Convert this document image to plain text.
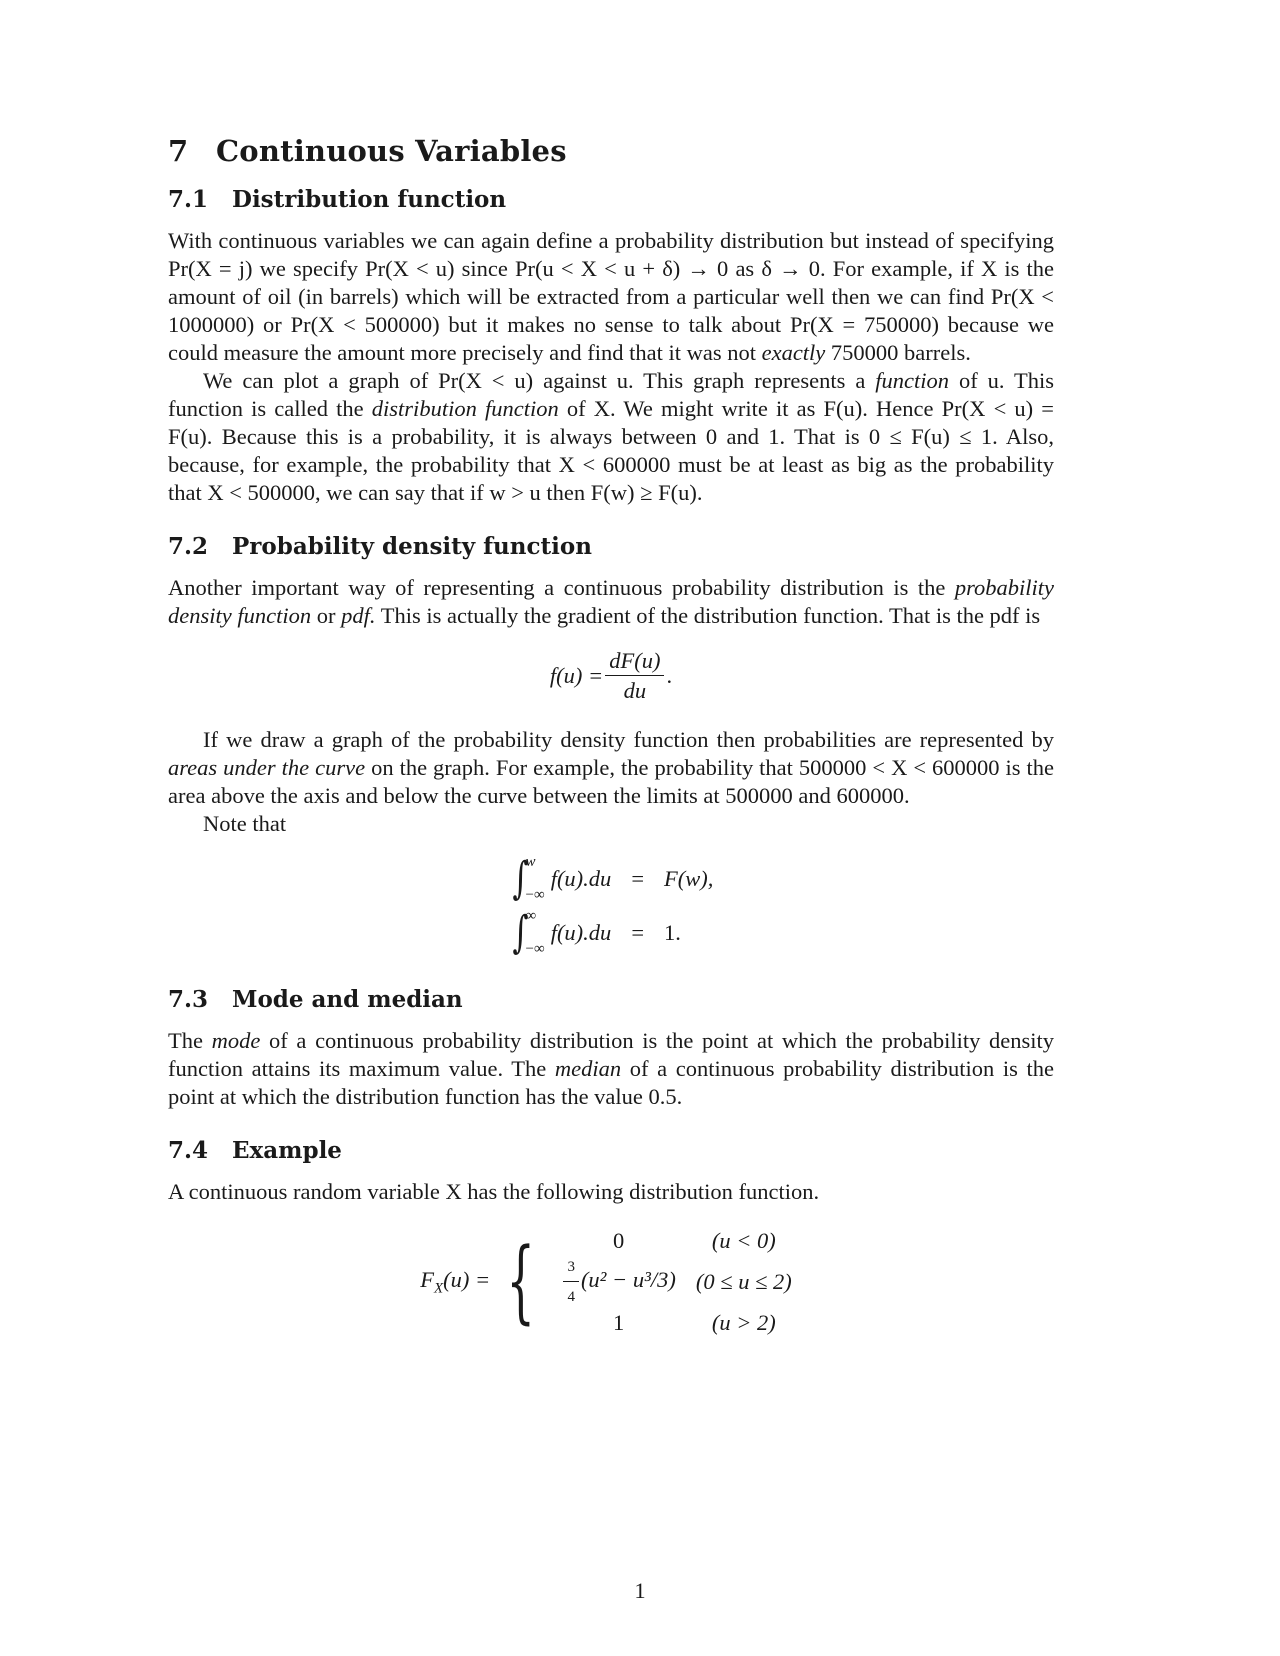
7 Continuous Variables
7.1 Distribution function

With continuous variables we can again define a probability distribution but instead of specifying Pr(X = j) we specify Pr(X < u) since Pr(u < X < u + δ) → 0 as δ → 0. For example, if X is the amount of oil (in barrels) which will be extracted from a particular well then we can find Pr(X < 1000000) or Pr(X < 500000) but it makes no sense to talk about Pr(X = 750000) because we could measure the amount more precisely and find that it was not exactly 750000 barrels.

We can plot a graph of Pr(X < u) against u. This graph represents a function of u. This function is called the distribution function of X. We might write it as F(u). Hence Pr(X < u) = F(u). Because this is a probability, it is always between 0 and 1. That is 0 ≤ F(u) ≤ 1. Also, because, for example, the probability that X < 600000 must be at least as big as the probability that X < 500000, we can say that if w > u then F(w) ≥ F(u).

7.2 Probability density function

Another important way of representing a continuous probability distribution is the probability density function or pdf. This is actually the gradient of the distribution function. That is the pdf is

$f(u) = \frac{dF(u)}{du}$ .

If we draw a graph of the probability density function then probabilities are represented by areas under the curve on the graph. For example, the probability that 500000 < X < 600000 is the area above the axis and below the curve between the limits at 500000 and 600000.

Note that

∫
w
−∞
f(u).du	=	F(w),

∫
∞
−∞
f(u).du	=	1.
7.3 Mode and median

The mode of a continuous probability distribution is the point at which the probability density function attains its maximum value. The median of a continuous probability distribution is the point at which the distribution function has the value 0.5.

7.4 Example

A continuous random variable X has the following distribution function.

$F_X(u)$ = {	0	(u < 0)

$\frac{3}{4} (u^2 - u^3/3)$	(0 ≤ u ≤ 2)
1	(u > 2)
1
